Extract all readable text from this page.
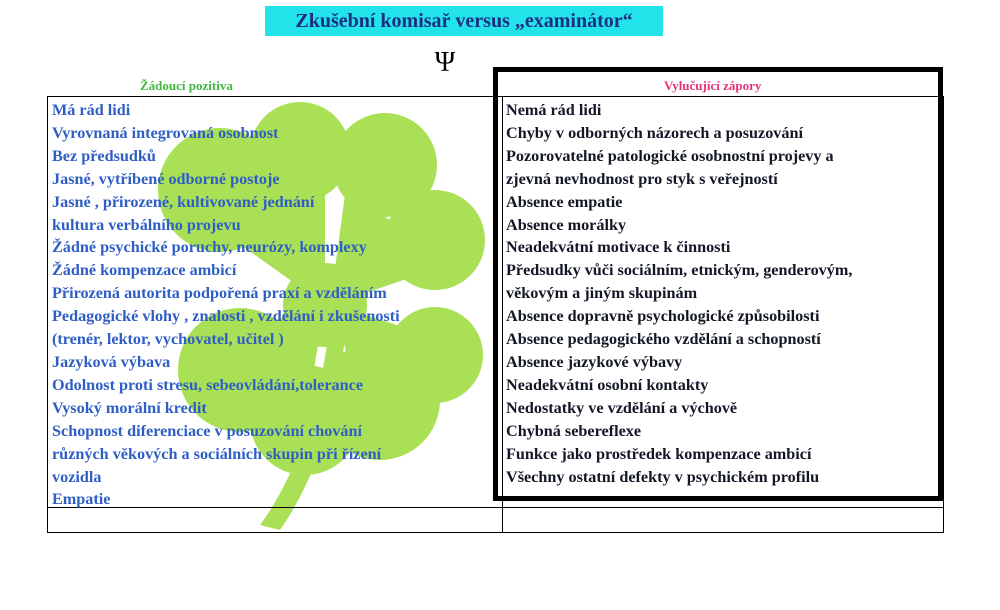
Zkušební komisař versus „examinátor“
Ψ
Žádoucí pozitiva	Vylučující zápory
Má rád lidi
Vyrovnaná integrovaná osobnost
Bez předsudků
Jasné, vytříbené odborné postoje
Jasné , přirozené, kultivované jednání
kultura verbálního projevu
Žádné psychické poruchy, neurózy, komplexy
Žádné kompenzace ambicí
Přirozená autorita podpořená praxí a vzděláním
Pedagogické vlohy , znalosti , vzdělání i zkušenosti
(trenér, lektor, vychovatel, učitel )
Jazyková výbava
Odolnost proti stresu, sebeovládání,tolerance
Vysoký morální kredit
Schopnost diferenciace v posuzování chování
různých věkových a sociálních skupin při řízení
vozidla
Empatie
Nemá rád lidi
Chyby v odborných názorech a posuzování
Pozorovatelné patologické osobnostní projevy a
zjevná nevhodnost pro styk s veřejností
Absence empatie
Absence morálky
Neadekvátní motivace k činnosti
Předsudky vůči sociálním, etnickým, genderovým,
věkovým a jiným skupinám
Absence dopravně psychologické způsobilosti
Absence pedagogického vzdělání a schopností
Absence jazykové výbavy
Neadekvátní osobní kontakty
Nedostatky ve vzdělání a výchově
Chybná sebereflexe
Funkce jako prostředek kompenzace ambicí
Všechny ostatní defekty v psychickém profilu
